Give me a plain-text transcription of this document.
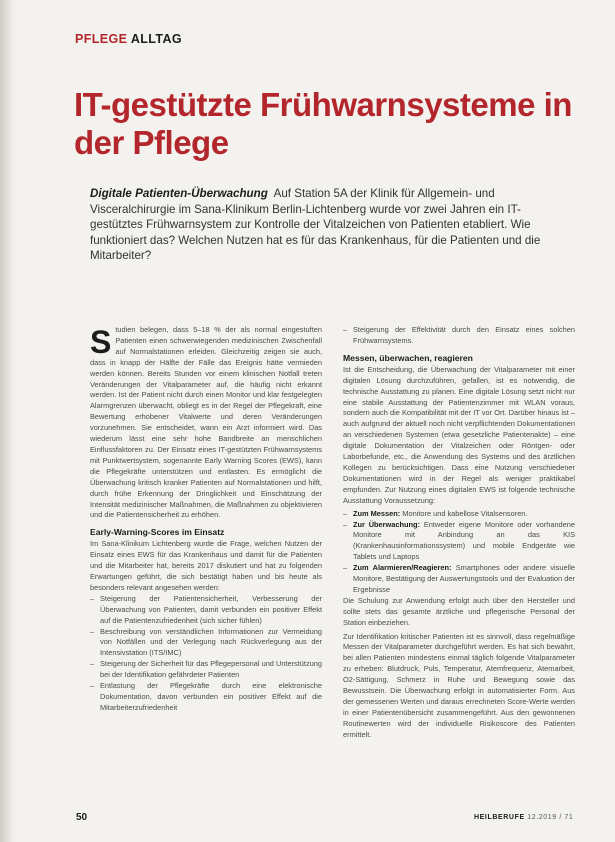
PFLEGE ALLTAG
IT-gestützte Frühwarnsysteme in der Pflege

Digitale Patienten-Überwachung Auf Station 5A der Klinik für Allgemein- und Visceralchirurgie im Sana-Klinikum Berlin-Lichtenberg wurde vor zwei Jahren ein IT-gestütztes Frühwarnsystem zur Kontrolle der Vitalzeichen von Patienten etabliert. Wie funktioniert das? Welchen Nutzen hat es für das Krankenhaus, für die Patienten und die Mitarbeiter?

Studien belegen, dass 5–18 % der als normal eingestuften Patienten einen schwerwiegenden medizinischen Zwischenfall auf Normalstationen erleiden. Gleichzeitig zeigen sie auch, dass in knapp der Hälfte der Fälle das Ereignis hätte vermieden werden können. Bereits Stunden vor einem klinischen Notfall treten Veränderungen der Vitalparameter auf, die häufig nicht erkannt werden. Ist der Patient nicht durch einen Monitor und klar festgelegten Alarmgrenzen überwacht, obliegt es in der Regel der Pflegekraft, eine Bewertung erhobener Vitalwerte und deren Veränderungen vorzunehmen. Sie entscheidet, wann ein Arzt informiert wird. Das wiederum lässt eine sehr hohe Bandbreite an menschlichen Einflussfaktoren zu. Der Einsatz eines IT-gestützten Frühwarnsystems mit Punktwertsystem, sogenannte Early Warning Scores (EWS), kann die Pflegekräfte unterstützen und entlasten. Es ermöglicht die Überwachung kritisch kranker Patienten auf Normalstationen und hilft, durch frühe Erkennung der Dringlichkeit und Einschätzung der Intensität medizinischer Maßnahmen, die Maßnahmen zu objektivieren und die Patientensicherheit zu erhöhen.

Early-Warning-Scores im Einsatz

Im Sana-Klinikum Lichtenberg wurde die Frage, welchen Nutzen der Einsatz eines EWS für das Krankenhaus und damit für die Patienten und die Mitarbeiter hat, bereits 2017 diskutiert und hat zu folgenden Erwartungen geführt, die sich bestätigt haben und bis heute als besonders relevant angesehen werden:

– Steigerung der Patientensicherheit, Verbesserung der Überwachung von Patienten, damit verbunden ein positiver Effekt auf die Patientenzufriedenheit (sich sicher fühlen)
– Beschreibung von verständlichen Informationen zur Vermeidung von Notfällen und der Verlegung nach Rückverlegung aus der Intensivstation (ITS/IMC)
– Steigerung der Sicherheit für das Pflegepersonal und Unterstützung bei der Identifikation gefährdeter Patienten
– Entlastung der Pflegekräfte durch eine elektronische Dokumentation, davon verbunden ein positiver Effekt auf die Mitarbeiterzufriedenheit
– Steigerung der Effektivität durch den Einsatz eines solchen Frühwarnsystems.
Messen, überwachen, reagieren

Ist die Entscheidung, die Überwachung der Vitalparameter mit einer digitalen Lösung durchzuführen, gefallen, ist es notwendig, die technische Ausstattung zu planen. Eine digitale Lösung setzt nicht nur eine stabile Ausstattung der Patientenzimmer mit WLAN voraus, sondern auch die Kompatibilität mit der IT vor Ort. Darüber hinaus ist – auch aufgrund der aktuell noch nicht verpflichtenden Dokumentationen an verschiedenen Systemen (etwa gesetzliche Patientenakte) – eine digitale Dokumentation der Vitalzeichen oder Röntgen- oder Laborbefunde, etc., die Anwendung des Systems und des ärztlichen Kollegen zu berücksichtigen. Dass eine Nutzung verschiedener Dokumentationen wird in der Regel als weniger praktikabel empfunden. Zur Nutzung eines digitalen EWS ist folgende technische Ausstattung Voraussetzung:

– Zum Messen: Monitore und kabellose Vitalsensoren.
– Zur Überwachung: Entweder eigene Monitore oder vorhandene Monitore mit Anbindung an das KIS (Krankenhausinformationssystem) und mobile Endgeräte wie Tablets und Laptops
– Zum Alarmieren/Reagieren: Smartphones oder andere visuelle Monitore, Bestätigung der Auswertungstools und der Evaluation der Ergebnisse

Die Schulung zur Anwendung erfolgt auch über den Hersteller und sollte stets das gesamte ärztliche und pflegerische Personal der Station einbeziehen.

Zur Identifikation kritischer Patienten ist es sinnvoll, dass regelmäßige Messen der Vitalparameter durchgeführt werden. Es hat sich bewährt, bei allen Patienten mindestens einmal täglich folgende Vitalparameter zu erheben: Blutdruck, Puls, Temperatur, Atemfrequenz, Atemarbeit, O2-Sättigung, Schmerz in Ruhe und Bewegung sowie das Bewusstsein. Die Überwachung erfolgt in automatisierter Form. Aus der gemessenen Werten und daraus errechneten Score-Werte werden in einer Patientenübersicht zusammengeführt. Aus den gewonnenen Routinewerten wird der individuelle Risikoscore des Patienten ermittelt.

50	HEILBERUFE 12.2019 / 71
